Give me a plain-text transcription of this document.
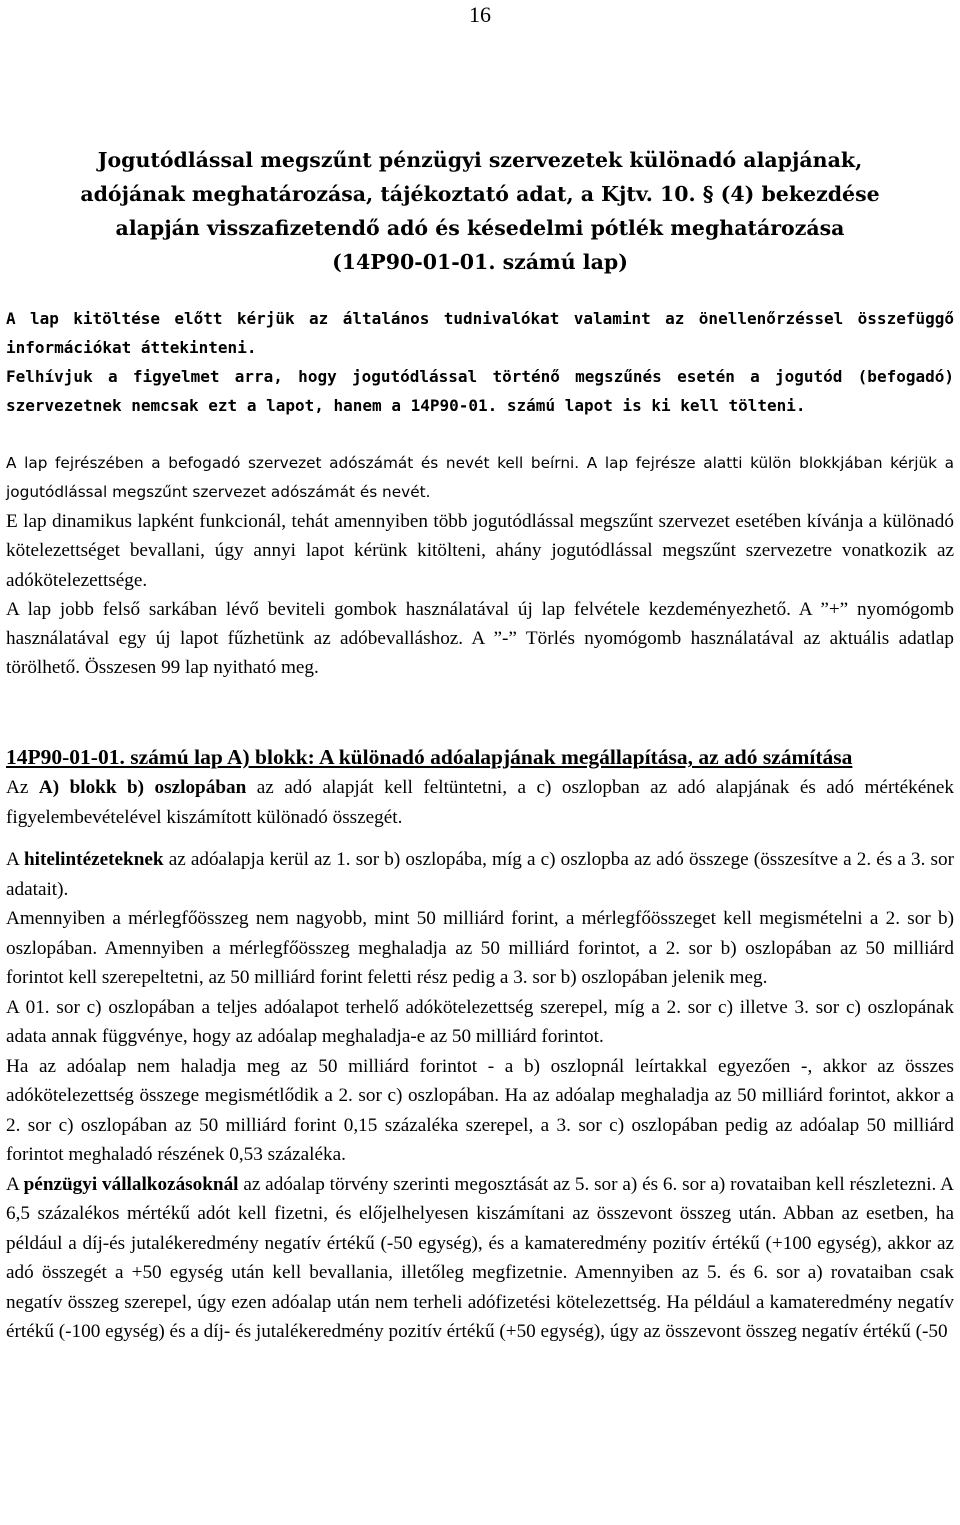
16
Jogutódlással megszűnt pénzügyi szervezetek különadó alapjának,
adójának meghatározása, tájékoztató adat, a Kjtv. 10. § (4) bekezdése
alapján visszafizetendő adó és késedelmi pótlék meghatározása
(14P90-01-01. számú lap)

A lap kitöltése előtt kérjük az általános tudnivalókat valamint az önellenőrzéssel összefüggő információkat áttekinteni.

Felhívjuk a figyelmet arra, hogy jogutódlással történő megszűnés esetén a jogutód (befogadó) szervezetnek nemcsak ezt a lapot, hanem a 14P90-01. számú lapot is ki kell tölteni.

A lap fejrészében a befogadó szervezet adószámát és nevét kell beírni. A lap fejrésze alatti külön blokkjában kérjük a jogutódlással megszűnt szervezet adószámát és nevét.

E lap dinamikus lapként funkcionál, tehát amennyiben több jogutódlással megszűnt szervezet esetében kívánja a különadó kötelezettséget bevallani, úgy annyi lapot kérünk kitölteni, ahány jogutódlással megszűnt szervezetre vonatkozik az adókötelezettsége.

A lap jobb felső sarkában lévő beviteli gombok használatával új lap felvétele kezdeményezhető. A ”+” nyomógomb használatával egy új lapot fűzhetünk az adóbevalláshoz. A ”-” Törlés nyomógomb használatával az aktuális adatlap törölhető. Összesen 99 lap nyitható meg.

14P90-01-01. számú lap A) blokk: A különadó adóalapjának megállapítása, az adó számítása

Az A) blokk b) oszlopában az adó alapját kell feltüntetni, a c) oszlopban az adó alapjának és adó mértékének figyelembevételével kiszámított különadó összegét.

A hitelintézeteknek az adóalapja kerül az 1. sor b) oszlopába, míg a c) oszlopba az adó összege (összesítve a 2. és a 3. sor adatait).

Amennyiben a mérlegfőösszeg nem nagyobb, mint 50 milliárd forint, a mérlegfőösszeget kell megismételni a 2. sor b) oszlopában. Amennyiben a mérlegfőösszeg meghaladja az 50 milliárd forintot, a 2. sor b) oszlopában az 50 milliárd forintot kell szerepeltetni, az 50 milliárd forint feletti rész pedig a 3. sor b) oszlopában jelenik meg.

A 01. sor c) oszlopában a teljes adóalapot terhelő adókötelezettség szerepel, míg a 2. sor c) illetve 3. sor c) oszlopának adata annak függvénye, hogy az adóalap meghaladja-e az 50 milliárd forintot.

Ha az adóalap nem haladja meg az 50 milliárd forintot - a b) oszlopnál leírtakkal egyezően -, akkor az összes adókötelezettség összege megismétlődik a 2. sor c) oszlopában. Ha az adóalap meghaladja az 50 milliárd forintot, akkor a 2. sor c) oszlopában az 50 milliárd forint 0,15 százaléka szerepel, a 3. sor c) oszlopában pedig az adóalap 50 milliárd forintot meghaladó részének 0,53 százaléka.

A pénzügyi vállalkozásoknál az adóalap törvény szerinti megosztását az 5. sor a) és 6. sor a) rovataiban kell részletezni. A 6,5 százalékos mértékű adót kell fizetni, és előjelhelyesen kiszámítani az összevont összeg után. Abban az esetben, ha például a díj-és jutalékeredmény negatív értékű (-50 egység), és a kamateredmény pozitív értékű (+100 egység), akkor az adó összegét a +50 egység után kell bevallania, illetőleg megfizetnie. Amennyiben az 5. és 6. sor a) rovataiban csak negatív összeg szerepel, úgy ezen adóalap után nem terheli adófizetési kötelezettség. Ha például a kamateredmény negatív értékű (-100 egység) és a díj- és jutalékeredmény pozitív értékű (+50 egység), úgy az összevont összeg negatív értékű (-50
